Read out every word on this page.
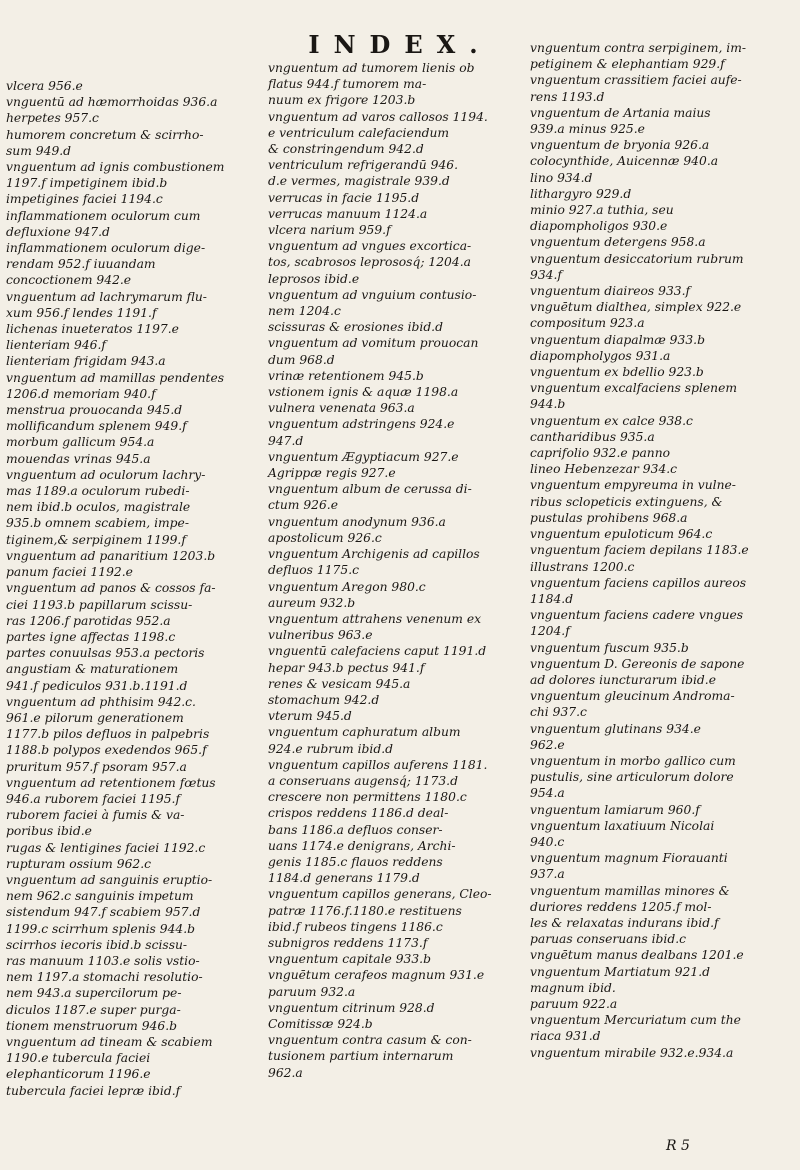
INDEX.

vlcera 956.e

vnguentū ad hæmorrhoidas 936.a

herpetes 957.c

humorem concretum & scirrho-

sum 949.d

vnguentum ad ignis combustionem

1197.f impetiginem ibid.b

impetigines faciei 1194.c

inflammationem oculorum cum

defluxione 947.d

inflammationem oculorum dige-

rendam 952.f iuuandam

concoctionem 942.e

vnguentum ad lachrymarum flu-

xum 956.f lendes 1191.f

lichenas inueteratos 1197.e

lienteriam 946.f

lienteriam frigidam 943.a

vnguentum ad mamillas pendentes

1206.d memoriam 940.f

menstrua prouocanda 945.d

mollificandum splenem 949.f

morbum gallicum 954.a

mouendas vrinas 945.a

vnguentum ad oculorum lachry-

mas 1189.a oculorum rubedi-

nem ibid.b oculos, magistrale

935.b omnem scabiem, impe-

tiginem,& serpiginem 1199.f

vnguentum ad panaritium 1203.b

panum faciei 1192.e

vnguentum ad panos & cossos fa-

ciei 1193.b papillarum scissu-

ras 1206.f parotidas 952.a

partes igne affectas 1198.c

partes conuulsas 953.a pectoris

angustiam & maturationem

941.f pediculos 931.b.1191.d

vnguentum ad phthisim 942.c.

961.e pilorum generationem

1177.b pilos defluos in palpebris

1188.b polypos exedendos 965.f

pruritum 957.f psoram 957.a

vnguentum ad retentionem fœtus

946.a ruborem faciei 1195.f

ruborem faciei à fumis & va-

poribus ibid.e

rugas & lentigines faciei 1192.c

rupturam ossium 962.c

vnguentum ad sanguinis eruptio-

nem 962.c sanguinis impetum

sistendum 947.f scabiem 957.d

1199.c scirrhum splenis 944.b

scirrhos iecoris ibid.b scissu-

ras manuum 1103.e solis vstio-

nem 1197.a stomachi resolutio-

nem 943.a supercilorum pe-

diculos 1187.e super purga-

tionem menstruorum 946.b

vnguentum ad tineam & scabiem

1190.e tubercula faciei

elephanticorum 1196.e

tubercula faciei lepræ ibid.f

vnguentum ad tumorem lienis ob

flatus 944.f tumorem ma-

nuum ex frigore 1203.b

vnguentum ad varos callosos 1194.

e ventriculum calefaciendum

& constringendum 942.d

ventriculum refrigerandū 946.

d.e vermes, magistrale 939.d

verrucas in facie 1195.d

verrucas manuum 1124.a

vlcera narium 959.f

vnguentum ad vngues excortica-

tos, scabrosos leprososq́; 1204.a

leprosos ibid.e

vnguentum ad vnguium contusio-

nem 1204.c

scissuras & erosiones ibid.d

vnguentum ad vomitum prouocan

dum 968.d

vrinæ retentionem 945.b

vstionem ignis & aquæ 1198.a

vulnera venenata 963.a

vnguentum adstringens 924.e

947.d

vnguentum Ægyptiacum 927.e

Agrippæ regis 927.e

vnguentum album de cerussa di-

ctum 926.e

vnguentum anodynum 936.a

apostolicum 926.c

vnguentum Archigenis ad capillos

defluos 1175.c

vnguentum Aregon 980.c

aureum 932.b

vnguentum attrahens venenum ex

vulneribus 963.e

vnguentū calefaciens caput 1191.d

hepar 943.b pectus 941.f

renes & vesicam 945.a

stomachum 942.d

vterum 945.d

vnguentum caphuratum album

924.e rubrum ibid.d

vnguentum capillos auferens 1181.

a conseruans augensq́; 1173.d

crescere non permittens 1180.c

crispos reddens 1186.d deal-

bans 1186.a defluos conser-

uans 1174.e denigrans, Archi-

genis 1185.c flauos reddens

1184.d generans 1179.d

vnguentum capillos generans, Cleo-

patræ 1176.f.1180.e restituens

ibid.f rubeos tingens 1186.c

subnigros reddens 1173.f

vnguentum capitale 933.b

vnguētum cerafeos magnum 931.e

paruum 932.a

vnguentum citrinum 928.d

Comitissæ 924.b

vnguentum contra casum & con-

tusionem partium internarum

962.a

vnguentum contra serpiginem, im-

petiginem & elephantiam 929.f

vnguentum crassitiem faciei aufe-

rens 1193.d

vnguentum de Artania maius

939.a minus 925.e

vnguentum de bryonia 926.a

colocynthide, Auicennæ 940.a

lino 934.d

lithargyro 929.d

minio 927.a tuthia, seu

diapompholigos 930.e

vnguentum detergens 958.a

vnguentum desiccatorium rubrum

934.f

vnguentum diaireos 933.f

vnguētum dialthea, simplex 922.e

compositum 923.a

vnguentum diapalmæ 933.b

diapompholygos 931.a

vnguentum ex bdellio 923.b

vnguentum excalfaciens splenem

944.b

vnguentum ex calce 938.c

cantharidibus 935.a

caprifolio 932.e panno

lineo Hebenzezar 934.c

vnguentum empyreuma in vulne-

ribus sclopeticis extinguens, &

pustulas prohibens 968.a

vnguentum epuloticum 964.c

vnguentum faciem depilans 1183.e

illustrans 1200.c

vnguentum faciens capillos aureos

1184.d

vnguentum faciens cadere vngues

1204.f

vnguentum fuscum 935.b

vnguentum D. Gereonis de sapone

ad dolores iuncturarum ibid.e

vnguentum gleucinum Androma-

chi 937.c

vnguentum glutinans 934.e

962.e

vnguentum in morbo gallico cum

pustulis, sine articulorum dolore

954.a

vnguentum lamiarum 960.f

vnguentum laxatiuum Nicolai

940.c

vnguentum magnum Fiorauanti

937.a

vnguentum mamillas minores &

duriores reddens 1205.f mol-

les & relaxatas indurans ibid.f

paruas conseruans ibid.c

vnguētum manus dealbans 1201.e

vnguentum Martiatum 921.d

magnum ibid.

paruum 922.a

vnguentum Mercuriatum cum the

riaca 931.d

vnguentum mirabile 932.e.934.a

R 5
